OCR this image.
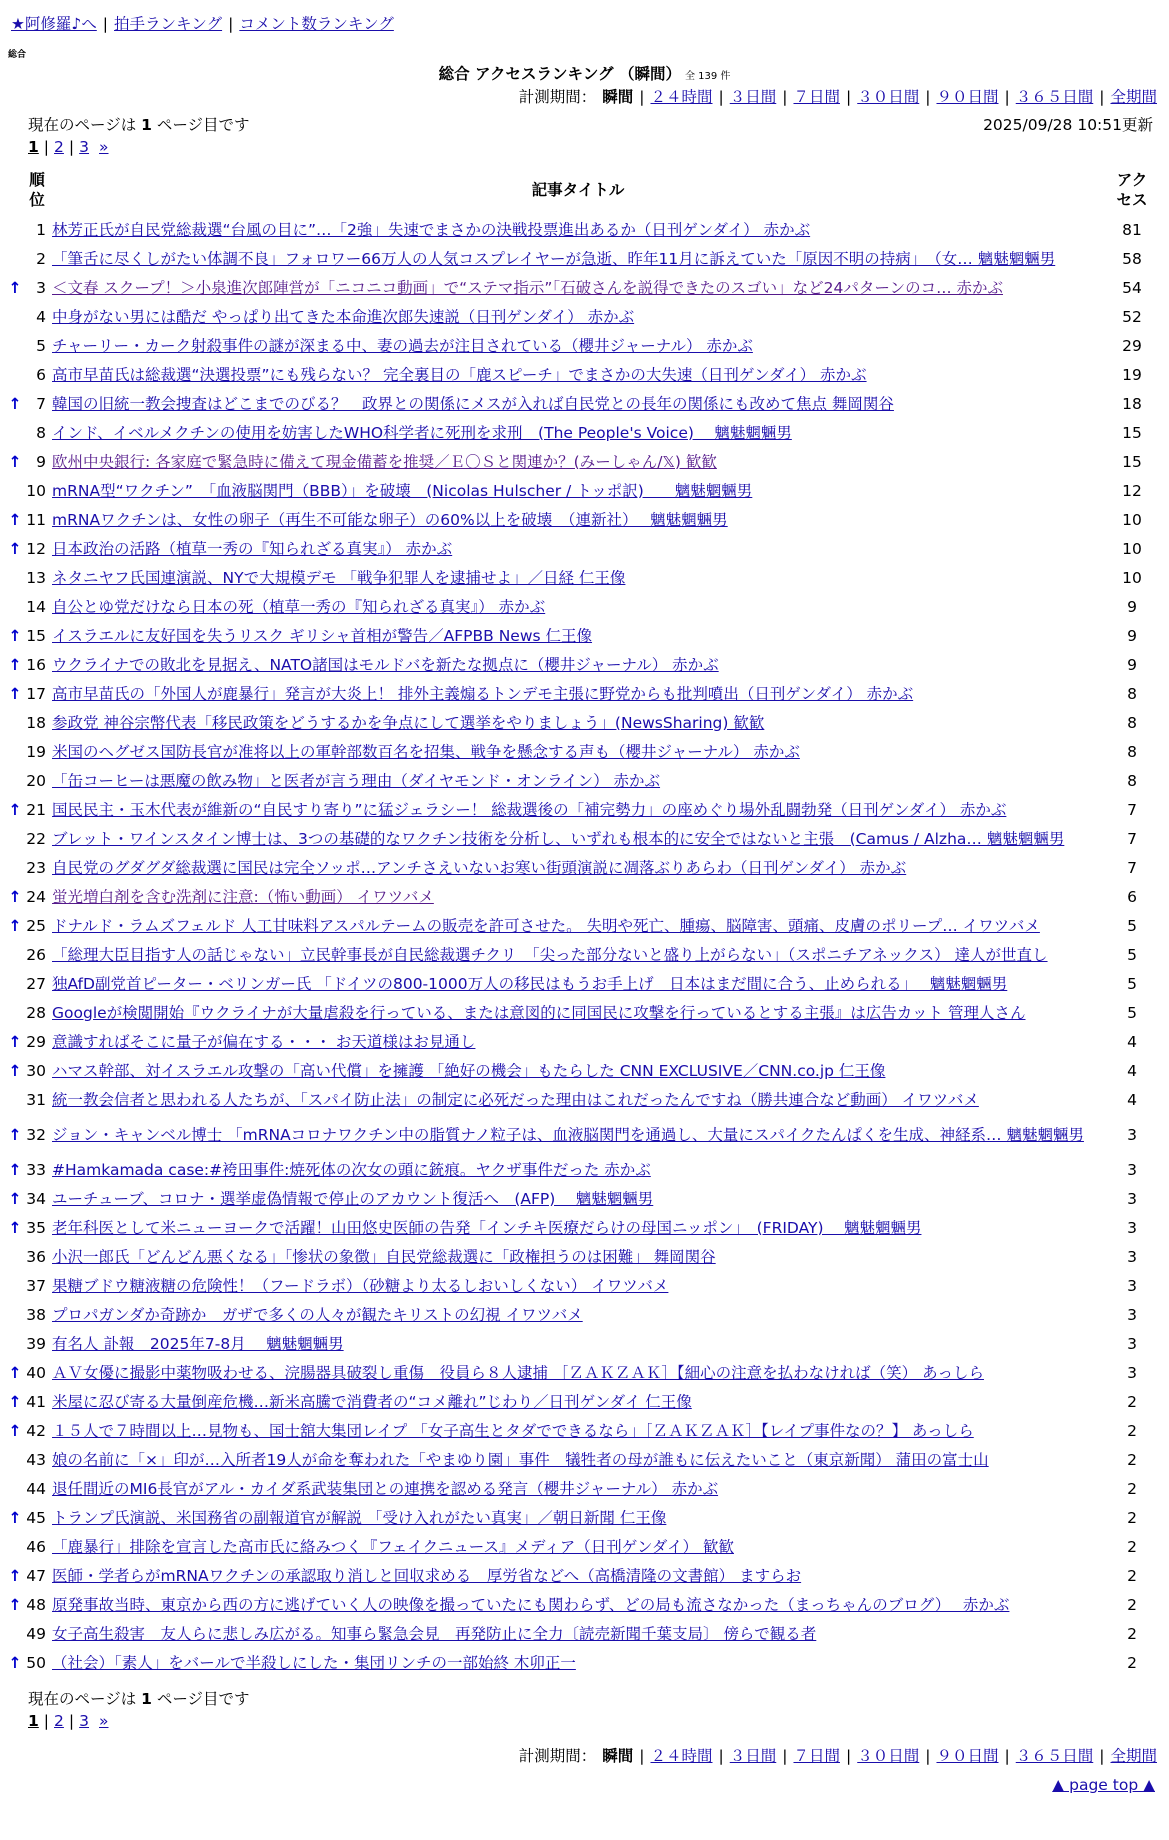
★阿修羅♪へ | 拍手ランキング | コメント数ランキング
総合
総合 アクセスランキング （瞬間） 全 139 件
計測期間： 瞬間 | ２４時間 | ３日間 | ７日間 | ３０日間 | ９０日間 | ３６５日間 | 全期間
現在のページは 1 ページ目です	2025/09/28 10:51更新
1 | 2 | 3 »
	順位	記事タイトル	アクセス
	1	林芳正氏が自民党総裁選“台風の目に”…「2強」失速でまさかの決戦投票進出あるか（日刊ゲンダイ） 赤かぶ	81
	2	「筆舌に尽くしがたい体調不良」フォロワー66万人の人気コスプレイヤーが急逝、昨年11月に訴えていた「原因不明の持病」　（女… 魑魅魍魎男	58
↑	3	＜文春 スクープ！＞小泉進次郎陣営が「ニコニコ動画」で“ステマ指示”「石破さんを説得できたのスゴい」など24パターンのコ… 赤かぶ	54
	4	中身がない男には酷だ やっぱり出てきた本命進次郎失速説（日刊ゲンダイ） 赤かぶ	52
	5	チャーリー・カーク射殺事件の謎が深まる中、妻の過去が注目されている（櫻井ジャーナル） 赤かぶ	29
	6	高市早苗氏は総裁選“決選投票”にも残らない？ 完全裏目の「鹿スピーチ」でまさかの大失速（日刊ゲンダイ） 赤かぶ	19
↑	7	韓国の旧統一教会捜査はどこまでのびる？　政界との関係にメスが入れば自民党との長年の関係にも改めて焦点 舞岡関谷	18
	8	インド、イベルメクチンの使用を妨害したWHO科学者に死刑を求刑　(The People's Voice)　 魑魅魍魎男	15
↑	9	欧州中央銀行: 各家庭で緊急時に備えて現金備蓄を推奨／Ｅ〇Ｓと関連か？(みーしゃん/𝕏) 歓歓	15
	10	mRNA型“ワクチン”　「血液脳関門（BBB）」を破壊　(Nicolas Hulscher / トッポ訳)　　魑魅魍魎男	12
↑	11	mRNAワクチンは、女性の卵子（再生不可能な卵子）の60%以上を破壊　（連新社）　 魑魅魍魎男	10
↑	12	日本政治の活路（植草一秀の『知られざる真実』） 赤かぶ	10
	13	ネタニヤフ氏国連演説、NYで大規模デモ 「戦争犯罪人を逮捕せよ」／日経 仁王像	10
	14	自公とゆ党だけなら日本の死（植草一秀の『知られざる真実』） 赤かぶ	9
↑	15	イスラエルに友好国を失うリスク ギリシャ首相が警告／AFPBB News 仁王像	9
↑	16	ウクライナでの敗北を見据え、NATO諸国はモルドバを新たな拠点に（櫻井ジャーナル） 赤かぶ	9
↑	17	高市早苗氏の「外国人が鹿暴行」発言が大炎上！ 排外主義煽るトンデモ主張に野党からも批判噴出（日刊ゲンダイ） 赤かぶ	8
	18	参政党 神谷宗幣代表「移民政策をどうするかを争点にして選挙をやりましょう」(NewsSharing) 歓歓	8
	19	米国のヘグゼス国防長官が准将以上の軍幹部数百名を招集、戦争を懸念する声も（櫻井ジャーナル） 赤かぶ	8
	20	「缶コーヒーは悪魔の飲み物」と医者が言う理由（ダイヤモンド・オンライン） 赤かぶ	8
↑	21	国民民主・玉木代表が維新の“自民すり寄り”に猛ジェラシー！ 総裁選後の「補完勢力」の座めぐり場外乱闘勃発（日刊ゲンダイ） 赤かぶ	7
	22	ブレット・ワインスタイン博士は、3つの基礎的なワクチン技術を分析し、いずれも根本的に安全ではないと主張　(Camus / Alzha… 魑魅魍魎男	7
	23	自民党のグダグダ総裁選に国民は完全ソッポ…アンチさえいないお寒い街頭演説に凋落ぶりあらわ（日刊ゲンダイ） 赤かぶ	7
↑	24	蛍光増白剤を含む洗剤に注意:（怖い動画） イワツバメ	6
↑	25	ドナルド・ラムズフェルド 人工甘味料アスパルテームの販売を許可させた。 失明や死亡、腫瘍、脳障害、頭痛、皮膚のポリープ… イワツバメ	5
	26	「総理大臣目指す人の話じゃない」立民幹事長が自民総裁選チクリ　「尖った部分ないと盛り上がらない」（スポニチアネックス） 達人が世直し	5
	27	独AfD副党首ピーター・ベリンガー氏 「ドイツの800-1000万人の移民はもうお手上げ　日本はまだ間に合う、止められる」　 魑魅魍魎男	5
	28	Googleが検閲開始『ウクライナが大量虐殺を行っている、または意図的に同国民に攻撃を行っているとする主張』は広告カット 管理人さん	5
↑	29	意識すればそこに量子が偏在する・・・ お天道様はお見通し	4
↑	30	ハマス幹部、対イスラエル攻撃の「高い代償」を擁護 「絶好の機会」もたらした CNN EXCLUSIVE／CNN.co.jp 仁王像	4
	31	統一教会信者と思われる人たちが、「スパイ防止法」の制定に必死だった理由はこれだったんですね（勝共連合など動画） イワツバメ	4
↑	32	ジョン・キャンベル博士 「mRNAコロナワクチン中の脂質ナノ粒子は、血液脳関門を通過し、大量にスパイクたんぱくを生成、神経系… 魑魅魍魎男	3
↑	33	#Hamkamada case:#袴田事件:焼死体の次女の頭に銃痕。ヤクザ事件だった 赤かぶ	3
↑	34	ユーチューブ、コロナ・選挙虚偽情報で停止のアカウント復活へ　(AFP)　 魑魅魍魎男	3
↑	35	老年科医として米ニューヨークで活躍！山田悠史医師の告発「インチキ医療だらけの母国ニッポン」　(FRIDAY)　 魑魅魍魎男	3
	36	小沢一郎氏「どんどん悪くなる」「惨状の象徴」自民党総裁選に「政権担うのは困難」 舞岡関谷	3
	37	果糖ブドウ糖液糖の危険性！（フードラボ）（砂糖より太るしおいしくない） イワツバメ	3
	38	プロパガンダか奇跡か　ガザで多くの人々が観たキリストの幻視 イワツバメ	3
	39	有名人 訃報　2025年7-8月　 魑魅魍魎男	3
↑	40	ＡＶ女優に撮影中薬物吸わせる、浣腸器具破裂し重傷　役員ら８人逮捕 ［ＺＡＫＺＡＫ］【細心の注意を払わなければ（笑） あっしら	3
↑	41	米屋に忍び寄る大量倒産危機…新米高騰で消費者の“コメ離れ”じわり／日刊ゲンダイ 仁王像	2
↑	42	１５人で７時間以上…見物も、国士舘大集団レイプ 「女子高生とタダでできるなら」［ＺＡＫＺＡＫ］【レイプ事件なの？】 あっしら	2
	43	娘の名前に「×」印が…入所者19人が命を奪われた「やまゆり園」事件　犠牲者の母が誰もに伝えたいこと（東京新聞） 蒲田の富士山	2
	44	退任間近のMI6長官がアル・カイダ系武装集団との連携を認める発言（櫻井ジャーナル） 赤かぶ	2
↑	45	トランプ氏演説、米国務省の副報道官が解説 「受け入れがたい真実」／朝日新聞 仁王像	2
	46	「鹿暴行」排除を宣言した高市氏に絡みつく『フェイクニュース』メディア（日刊ゲンダイ） 歓歓	2
↑	47	医師・学者らがmRNAワクチンの承認取り消しと回収求める　厚労省などへ（高橋清隆の文書館） ますらお	2
↑	48	原発事故当時、東京から西の方に逃げていく人の映像を撮っていたにも関わらず、どの局も流さなかった（まっちゃんのブログ）　 赤かぶ	2
	49	女子高生殺害　友人らに悲しみ広がる。知事ら緊急会見　再発防止に全力〔読売新聞千葉支局〕 傍らで観る者	2
↑	50	（社会）「素人」をバールで半殺しにした・集団リンチの一部始終 木卯正一	2
現在のページは 1 ページ目です
1 | 2 | 3 »
計測期間： 瞬間 | ２４時間 | ３日間 | ７日間 | ３０日間 | ９０日間 | ３６５日間 | 全期間
▲ page top ▲
